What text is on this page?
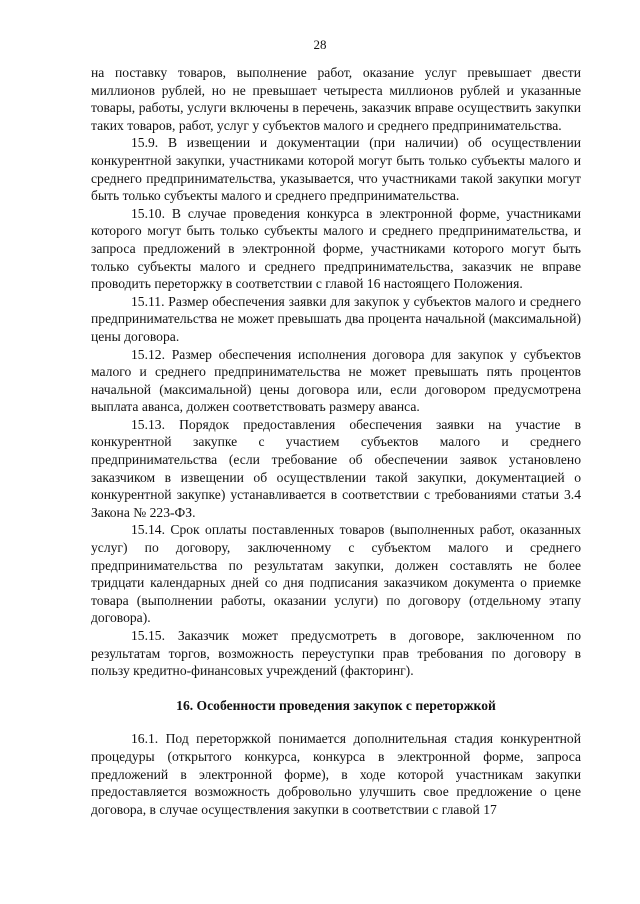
28

на поставку товаров, выполнение работ, оказание услуг превышает двести миллионов рублей, но не превышает четыреста миллионов рублей и указанные товары, работы, услуги включены в перечень, заказчик вправе осуществить закупки таких товаров, работ, услуг у субъектов малого и среднего предпринимательства.

15.9. В извещении и документации (при наличии) об осуществлении конкурентной закупки, участниками которой могут быть только субъекты малого и среднего предпринимательства, указывается, что участниками такой закупки могут быть только субъекты малого и среднего предпринимательства.

15.10. В случае проведения конкурса в электронной форме, участниками которого могут быть только субъекты малого и среднего предпринимательства, и запроса предложений в электронной форме, участниками которого могут быть только субъекты малого и среднего предпринимательства, заказчик не вправе проводить переторжку в соответствии с главой 16 настоящего Положения.

15.11. Размер обеспечения заявки для закупок у субъектов малого и среднего предпринимательства не может превышать два процента начальной (максимальной) цены договора.

15.12. Размер обеспечения исполнения договора для закупок у субъектов малого и среднего предпринимательства не может превышать пять процентов начальной (максимальной) цены договора или, если договором предусмотрена выплата аванса, должен соответствовать размеру аванса.

15.13. Порядок предоставления обеспечения заявки на участие в конкурентной закупке с участием субъектов малого и среднего предпринимательства (если требование об обеспечении заявок установлено заказчиком в извещении об осуществлении такой закупки, документацией о конкурентной закупке) устанавливается в соответствии с требованиями статьи 3.4 Закона № 223-ФЗ.

15.14. Срок оплаты поставленных товаров (выполненных работ, оказанных услуг) по договору, заключенному с субъектом малого и среднего предпринимательства по результатам закупки, должен составлять не более тридцати календарных дней со дня подписания заказчиком документа о приемке товара (выполнении работы, оказании услуги) по договору (отдельному этапу договора).

15.15. Заказчик может предусмотреть в договоре, заключенном по результатам торгов, возможность переуступки прав требования по договору в пользу кредитно-финансовых учреждений (факторинг).

16. Особенности проведения закупок с переторжкой

16.1. Под переторжкой понимается дополнительная стадия конкурентной процедуры (открытого конкурса, конкурса в электронной форме, запроса предложений в электронной форме), в ходе которой участникам закупки предоставляется возможность добровольно улучшить свое предложение о цене договора, в случае осуществления закупки в соответствии с главой 17
